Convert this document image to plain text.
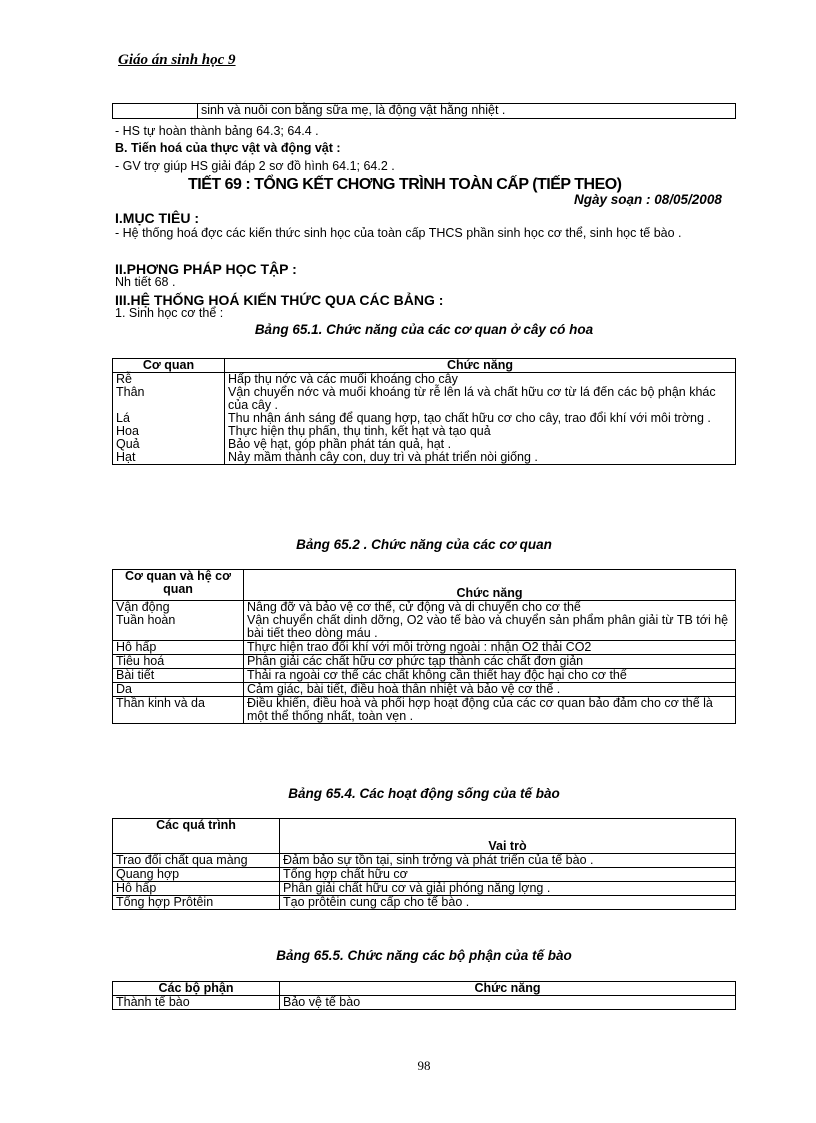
Giáo án sinh học 9
	sinh và nuôi con bằng sữa mẹ, là động vật hằng nhiệt .
- HS tự hoàn thành bảng 64.3; 64.4 .
B. Tiến hoá của thực vật và động vật :
- GV trợ giúp HS giải đáp 2 sơ đồ hình 64.1; 64.2 .
TIẾT 69 : TỔNG KẾT CHƠNG TRÌNH TOÀN CẤP (TIẾP THEO)
Ngày soạn : 08/05/2008
I.MỤC TIÊU :
- Hệ thống hoá đợc các kiến thức sinh học của toàn cấp THCS phần sinh học cơ thể, sinh học tế bào .
II.PHƠNG PHÁP HỌC TẬP :
Nh tiết 68 .
III.HỆ THỐNG HOÁ KIẾN THỨC QUA CÁC BẢNG :
1. Sinh học cơ thể :
Bảng 65.1. Chức năng của các cơ quan ở cây có hoa
Cơ quan	Chức năng
Rễ	Hấp thụ nớc và các muối khoáng cho cây
Thân	Vận chuyển nớc và muối khoáng từ rễ lên lá và chất hữu cơ từ lá đến các bộ phận khác của cây .
Lá	Thu nhận ánh sáng để quang hợp, tạo chất hữu cơ cho cây, trao đổi khí với môi trờng .
Hoa	Thực hiện thụ phấn, thụ tinh, kết hạt và tạo quả
Quả	Bảo vệ hạt, góp phần phát tán quả, hạt .
Hạt	Nảy mầm thành cây con, duy trì và phát triển nòi giống .
Bảng 65.2 . Chức năng của các cơ quan
Cơ quan và hệ cơ quan	Chức năng
Vận động	Nâng đỡ và bảo vệ cơ thể, cử động và di chuyển cho cơ thể
Tuần hoàn	Vận chuyển chất dinh dỡng, O2 vào tế bào và chuyển sản phẩm phân giải từ TB tới hệ bài tiết theo dòng máu .
Hô hấp	Thực hiện trao đổi khí với môi trờng ngoài : nhận O2 thải CO2
Tiêu hoá	Phân giải các chất hữu cơ phức tạp thành các chất đơn giản
Bài tiết	Thải ra ngoài cơ thể các chất không cần thiết hay độc hại cho cơ thể
Da	Cảm giác, bài tiết, điều hoà thân nhiệt và bảo vệ cơ thể .
Thần kinh và da	Điều khiển, điều hoà và phối hợp hoạt động của các cơ quan bảo đảm cho cơ thể là một thể thống nhất, toàn vẹn .
Bảng 65.4. Các hoạt động sống của tế bào
Các quá trình	Vai trò
Trao đổi chất qua màng	Đảm bảo sự tồn tại, sinh trởng và phát triển của tế bào .
Quang hợp	Tổng hợp chất hữu cơ
Hô hấp	Phân giải chất hữu cơ và giải phóng năng lợng .
Tổng hợp Prôtêin	Tạo prôtêin cung cấp cho tế bào .
Bảng 65.5. Chức năng các bộ phận của tế bào
Các bộ phận	Chức năng
Thành tế bào	Bảo vệ tế bào
98
